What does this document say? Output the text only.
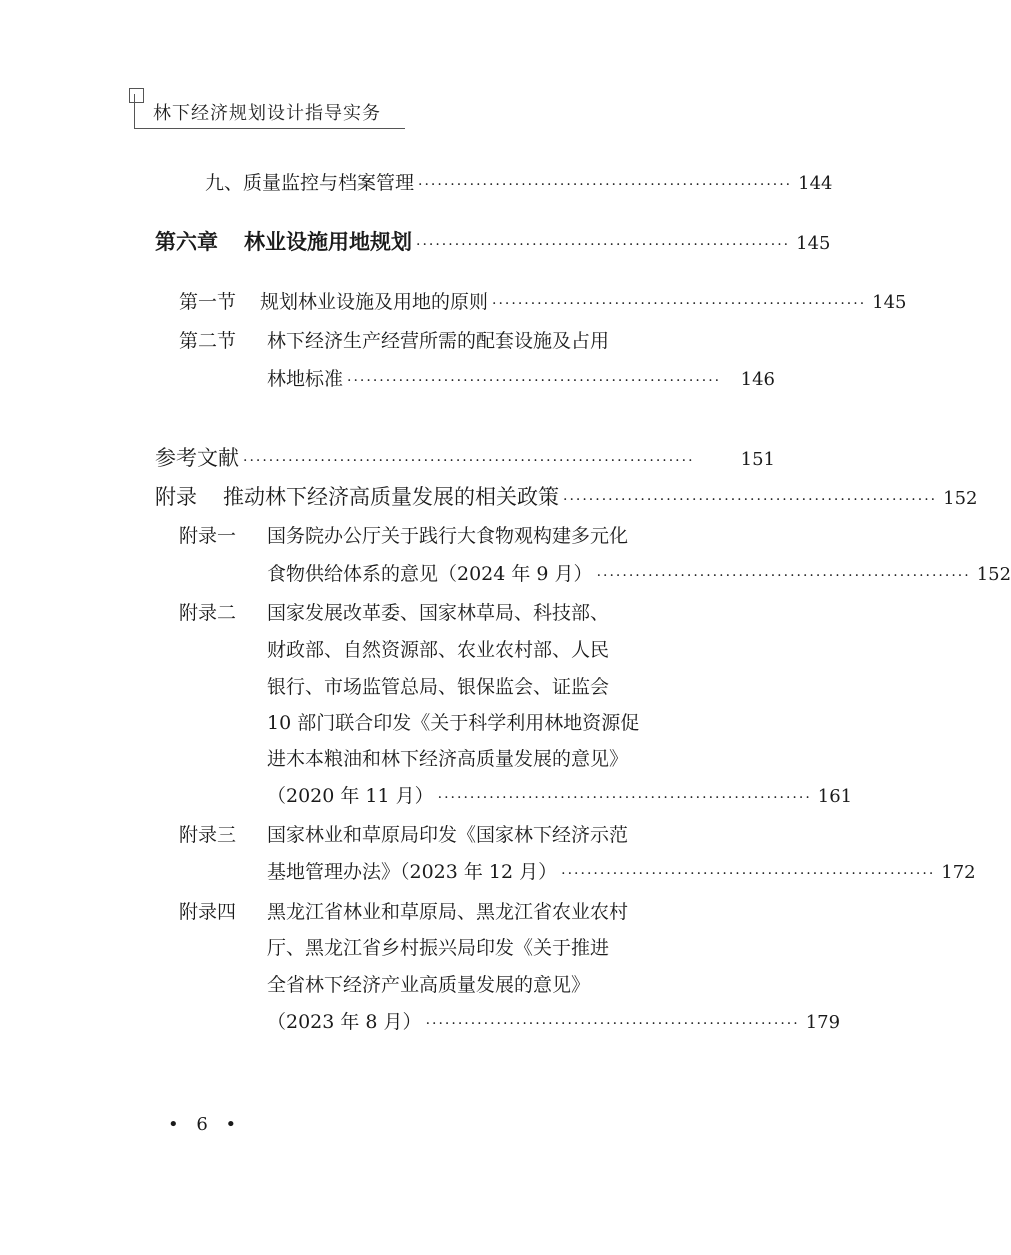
林下经济规划设计指导实务
九、质量监控与档案管理 ·························································· 144
第六章 林业设施用地规划 ·························································· 145
第一节 规划林业设施及用地的原则 ·························································· 145
第二节 林下经济生产经营所需的配套设施及占用
林地标准 ··························································	146
参考文献 ······································································	151
附录 推动林下经济高质量发展的相关政策 ·························································· 152
附录一 国务院办公厅关于践行大食物观构建多元化
食物供给体系的意见（2024 年 9 月） ·························································· 152
附录二 国家发展改革委、国家林草局、科技部、
财政部、自然资源部、农业农村部、人民
银行、市场监管总局、银保监会、证监会
10 部门联合印发《关于科学利用林地资源促
进木本粮油和林下经济高质量发展的意见》
（2020 年 11 月） ·························································· 161
附录三 国家林业和草原局印发《国家林下经济示范
基地管理办法》（2023 年 12 月） ·························································· 172
附录四 黑龙江省林业和草原局、黑龙江省农业农村
厅、黑龙江省乡村振兴局印发《关于推进
全省林下经济产业高质量发展的意见》
（2023 年 8 月） ·························································· 179
• 6 •
